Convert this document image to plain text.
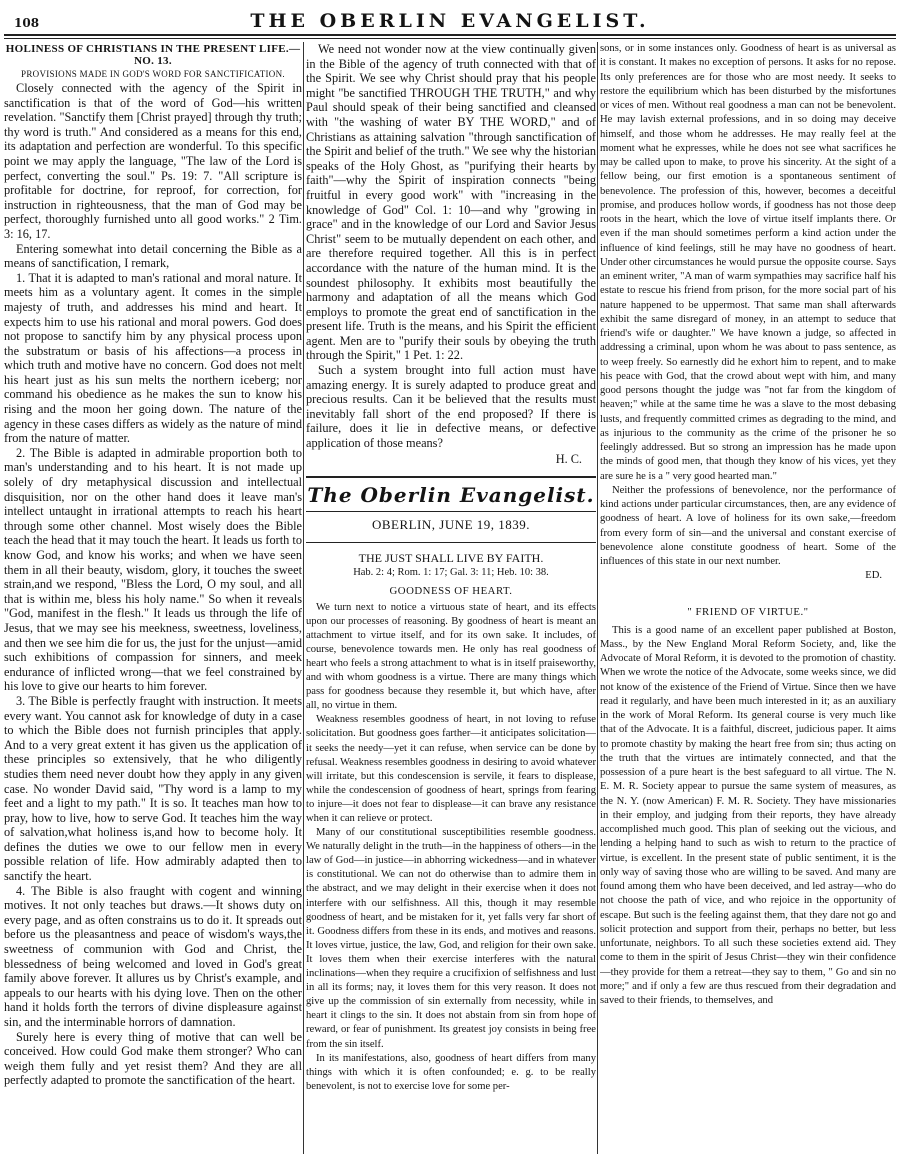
108	THE OBERLIN EVANGELIST.
HOLINESS OF CHRISTIANS IN THE PRESENT LIFE.—NO. 13.
PROVISIONS MADE IN GOD'S WORD FOR SANCTIFICATION.

Closely connected with the agency of the Spirit in sanctification is that of the word of God—his written revelation. "Sanctify them [Christ prayed] through thy truth; thy word is truth." And considered as a means for this end, its adaptation and perfection are wonderful. To this specific point we may apply the language, "The law of the Lord is perfect, converting the soul." Ps. 19: 7. "All scripture is profitable for doctrine, for reproof, for correction, for instruction in righteousness, that the man of God may be perfect, thoroughly furnished unto all good works." 2 Tim. 3: 16, 17.

Entering somewhat into detail concerning the Bible as a means of sanctification, I remark,

1. That it is adapted to man's rational and moral nature. It meets him as a voluntary agent. It comes in the simple majesty of truth, and addresses his mind and heart. It expects him to use his rational and moral powers. God does not propose to sanctify him by any physical process upon the substratum or basis of his affections—a process in which truth and motive have no concern. God does not melt his heart just as his sun melts the northern iceberg; nor command his obedience as he makes the sun to know his rising and the moon her going down. The nature of the agency in these cases differs as widely as the nature of mind from the nature of matter.

2. The Bible is adapted in admirable proportion both to man's understanding and to his heart. It is not made up solely of dry metaphysical discussion and intellectual disquisition, nor on the other hand does it leave man's intellect untaught in irrational attempts to reach his heart through some other channel. Most wisely does the Bible teach the head that it may touch the heart. It leads us forth to know God, and know his works; and when we have seen them in all their beauty, wisdom, glory, it touches the sweet strain,and we respond, "Bless the Lord, O my soul, and all that is within me, bless his holy name." So when it reveals "God, manifest in the flesh." It leads us through the life of Jesus, that we may see his meekness, sweetness, loveliness, and then we see him die for us, the just for the unjust—amid such exhibitions of compassion for sinners, and meek endurance of inflicted wrong—that we feel constrained by his love to give our hearts to him forever.

3. The Bible is perfectly fraught with instruction. It meets every want. You cannot ask for knowledge of duty in a case to which the Bible does not furnish principles that apply. And to a very great extent it has given us the application of these principles so extensively, that he who diligently studies them need never doubt how they apply in any given case. No wonder David said, "Thy word is a lamp to my feet and a light to my path." It is so. It teaches man how to pray, how to live, how to serve God. It teaches him the way of salvation,what holiness is,and how to become holy. It defines the duties we owe to our fellow men in every possible relation of life. How admirably adapted then to sanctify the heart.

4. The Bible is also fraught with cogent and winning motives. It not only teaches but draws.—It shows duty on every page, and as often constrains us to do it. It spreads out before us the pleasantness and peace of wisdom's ways,the sweetness of communion with God and Christ, the blessedness of being welcomed and loved in God's great family above forever. It allures us by Christ's example, and appeals to our hearts with his dying love. Then on the other hand it holds forth the terrors of divine displeasure against sin, and the interminable horrors of damnation.

Surely here is every thing of motive that can well be conceived. How could God make them stronger? Who can weigh them fully and yet resist them? And they are all perfectly adapted to promote the sanctification of the heart.

We need not wonder now at the view continually given in the Bible of the agency of truth connected with that of the Spirit. We see why Christ should pray that his people might "be sanctified THROUGH THE TRUTH," and why Paul should speak of their being sanctified and cleansed with "the washing of water BY THE WORD," and of Christians as attaining salvation "through sanctification of the Spirit and belief of the truth." We see why the historian speaks of the Holy Ghost, as "purifying their hearts by faith"—why the Spirit of inspiration connects "being fruitful in every good work" with "increasing in the knowledge of God" Col. 1: 10—and why "growing in grace" and in the knowledge of our Lord and Savior Jesus Christ" seem to be mutually dependent on each other, and are therefore required together. All this is in perfect accordance with the nature of the human mind. It is the soundest philosophy. It exhibits most beautifully the harmony and adaptation of all the means which God employs to promote the great end of sanctification in the present life. Truth is the means, and his Spirit the efficient agent. Men are to "purify their souls by obeying the truth through the Spirit," 1 Pet. 1: 22.

Such a system brought into full action must have amazing energy. It is surely adapted to produce great and precious results. Can it be believed that the results must inevitably fall short of the end proposed? If there is failure, does it lie in defective means, or defective application of those means?

H. C.
The Oberlin Evangelist.
OBERLIN, JUNE 19, 1839.
THE JUST SHALL LIVE BY FAITH.
Hab. 2: 4; Rom. 1: 17; Gal. 3: 11; Heb. 10: 38.
GOODNESS OF HEART.

We turn next to notice a virtuous state of heart, and its effects upon our processes of reasoning. By goodness of heart is meant an attachment to virtue itself, and for its own sake. It includes, of course, benevolence towards men. He only has real goodness of heart who feels a strong attachment to what is in itself praiseworthy, and with whom goodness is a virtue. There are many things which pass for goodness because they resemble it, but which have, after all, no virtue in them.

Weakness resembles goodness of heart, in not loving to refuse solicitation. But goodness goes farther—it anticipates solicitation—it seeks the needy—yet it can refuse, when service can be done by refusal. Weakness resembles goodness in desiring to avoid whatever will irritate, but this condescension is servile, it fears to displease, while the condescension of goodness of heart, springs from fearing to injure—it does not fear to displease—it can brave any resistance when it can relieve or protect.

Many of our constitutional susceptibilities resemble goodness. We naturally delight in the truth—in the happiness of others—in the law of God—in justice—in abhorring wickedness—and in whatever is constitutional. We can not do otherwise than to admire them in the abstract, and we may delight in their exercise when it does not interfere with our selfishness. All this, though it may resemble goodness of heart, and be mistaken for it, yet falls very far short of it. Goodness differs from these in its ends, and motives and reasons. It loves virtue, justice, the law, God, and religion for their own sake. It loves them when their exercise interferes with the natural inclinations—when they require a crucifixion of selfishness and lust in all its forms; nay, it loves them for this very reason. It does not give up the commission of sin externally from necessity, while in heart it clings to the sin. It does not abstain from sin from hope of reward, or fear of punishment. Its greatest joy consists in being free from the sin itself.

In its manifestations, also, goodness of heart differs from many things with which it is often confounded; e. g. to be really benevolent, is not to exercise love for some per-

sons, or in some instances only. Goodness of heart is as universal as it is constant. It makes no exception of persons. It asks for no repose. Its only preferences are for those who are most needy. It seeks to restore the equilibrium which has been disturbed by the misfortunes or vices of men. Without real goodness a man can not be benevolent. He may lavish external professions, and in so doing may deceive himself, and those whom he addresses. He may really feel at the moment what he expresses, while he does not see what sacrifices he may be called upon to make, to prove his sincerity. At the sight of a fellow being, our first emotion is a spontaneous sentiment of benevolence. The profession of this, however, becomes a deceitful promise, and produces hollow words, if goodness has not those deep roots in the heart, which the love of virtue itself implants there. Or even if the man should sometimes perform a kind action under the influence of kind feelings, still he may have no goodness of heart. Under other circumstances he would pursue the opposite course. Says an eminent writer, "A man of warm sympathies may sacrifice half his estate to rescue his friend from prison, for the more social part of his nature happened to be uppermost. That same man shall afterwards exhibit the same disregard of money, in an attempt to seduce that friend's wife or daughter." We have known a judge, so affected in addressing a criminal, upon whom he was about to pass sentence, as to weep freely. So earnestly did he exhort him to repent, and to make his peace with God, that the crowd about wept with him, and many good persons thought the judge was "not far from the kingdom of heaven;" while at the same time he was a slave to the most debasing lusts, and frequently committed crimes as degrading to the mind, and as injurious to the community as the crime of the prisoner he so feelingly addressed. But so strong an impression has he made upon the minds of good men, that though they know of his vices, yet they are sure he is a " very good hearted man."

Neither the professions of benevolence, nor the performance of kind actions under particular circumstances, then, are any evidence of goodness of heart. A love of holiness for its own sake,—freedom from every form of sin—and the universal and constant exercise of benevolence alone constitute goodness of heart. Some of the influences of this state in our next number.

ED.
" FRIEND OF VIRTUE."

This is a good name of an excellent paper published at Boston, Mass., by the New England Moral Reform Society, and, like the Advocate of Moral Reform, it is devoted to the promotion of chastity. When we wrote the notice of the Advocate, some weeks since, we did not know of the existence of the Friend of Virtue. Since then we have read it regularly, and have been much interested in it; as an auxiliary in the work of Moral Reform. Its general course is very much like that of the Advocate. It is a faithful, discreet, judicious paper. It aims to promote chastity by making the heart free from sin; thus acting on the truth that the virtues are intimately connected, and that the possession of a pure heart is the best safeguard to all virtue. The N. E. M. R. Society appear to pursue the same system of measures, as the N. Y. (now American) F. M. R. Society. They have missionaries in their employ, and judging from their reports, they have already accomplished much good. This plan of seeking out the vicious, and lending a helping hand to such as wish to return to the practice of virtue, is excellent. In the present state of public sentiment, it is the only way of saving those who are willing to be saved. And many are found among them who have been deceived, and led astray—who do not choose the path of vice, and who rejoice in the opportunity of escape. But such is the feeling against them, that they dare not go and solicit protection and support from their, perhaps no better, but less unfortunate, neighbors. To all such these societies extend aid. They come to them in the spirit of Jesus Christ—they win their confidence—they provide for them a retreat—they say to them, " Go and sin no more;" and if only a few are thus rescued from their degradation and saved to their friends, to themselves, and
